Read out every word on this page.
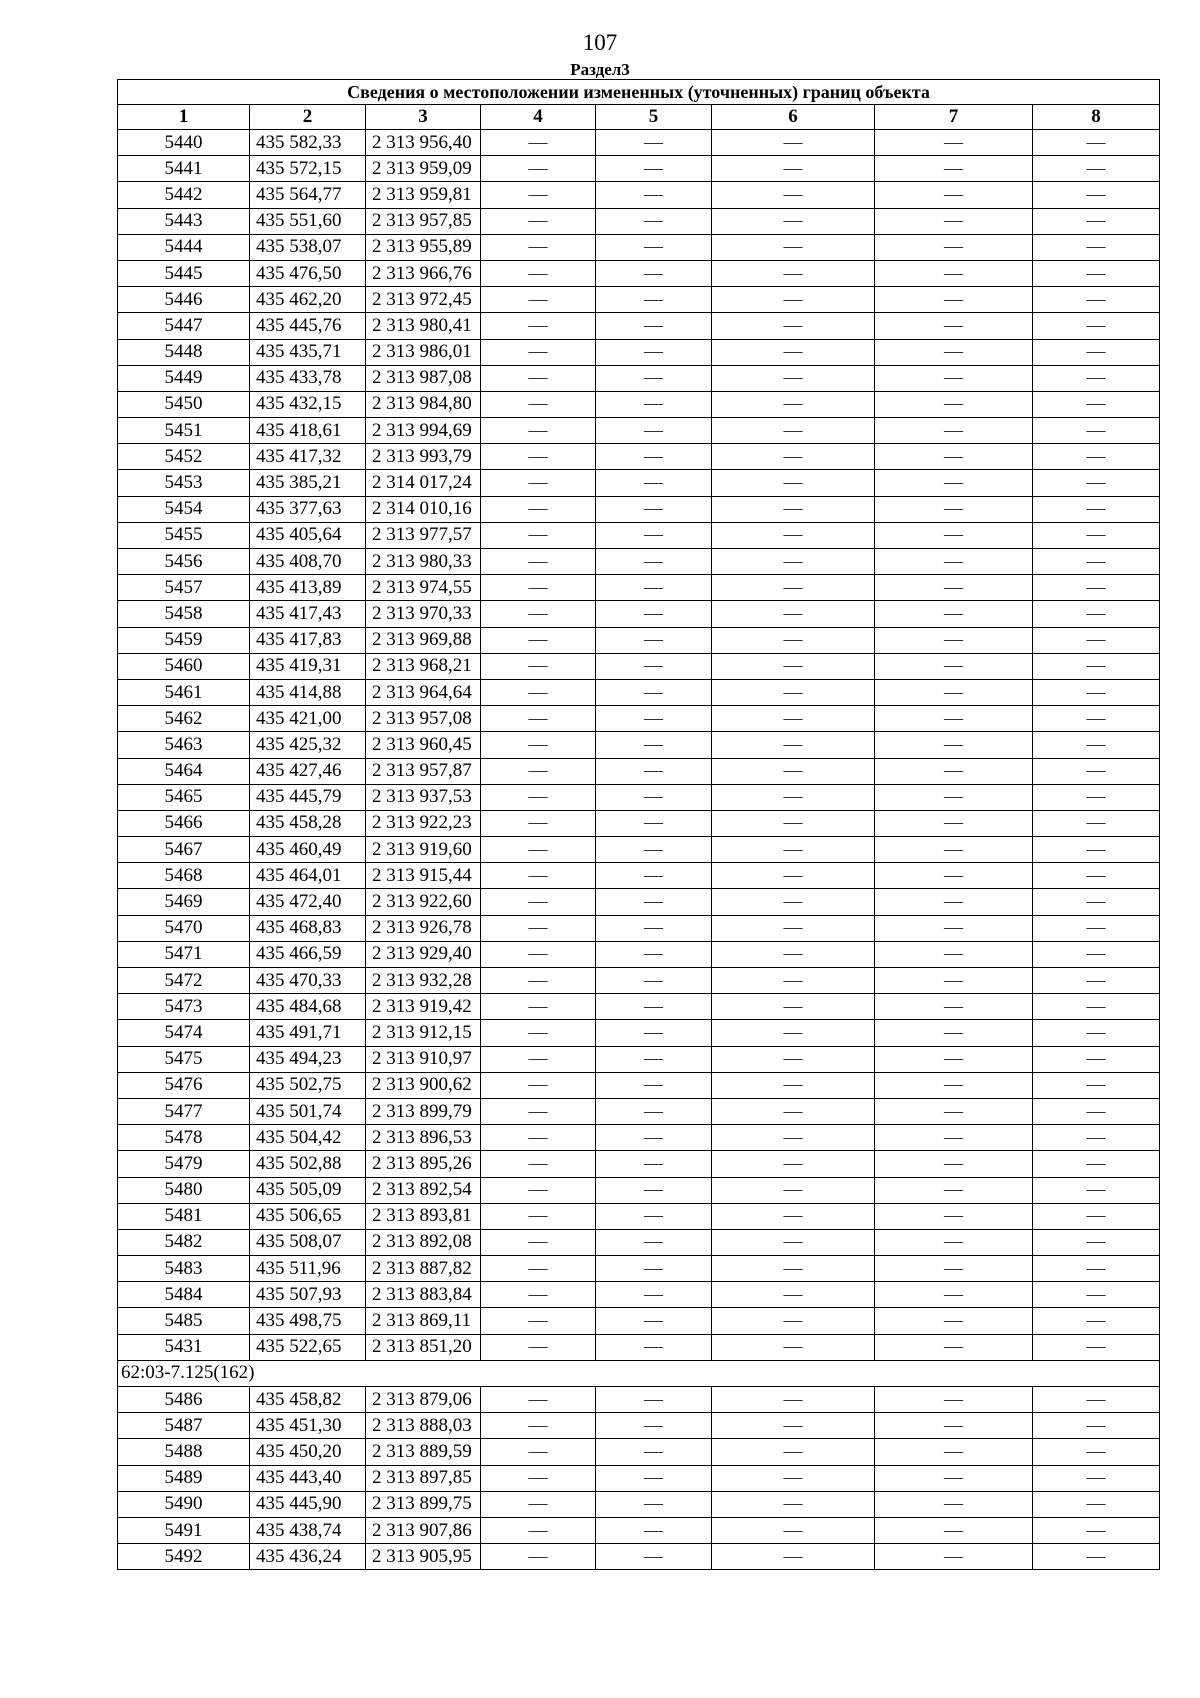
107
Раздел3
Сведения о местоположении измененных (уточненных) границ объекта							
1	2	3	4	5	6	7	8
5440	435 582,33	2 313 956,40	—	—	—	—	—
5441	435 572,15	2 313 959,09	—	—	—	—	—
5442	435 564,77	2 313 959,81	—	—	—	—	—
5443	435 551,60	2 313 957,85	—	—	—	—	—
5444	435 538,07	2 313 955,89	—	—	—	—	—
5445	435 476,50	2 313 966,76	—	—	—	—	—
5446	435 462,20	2 313 972,45	—	—	—	—	—
5447	435 445,76	2 313 980,41	—	—	—	—	—
5448	435 435,71	2 313 986,01	—	—	—	—	—
5449	435 433,78	2 313 987,08	—	—	—	—	—
5450	435 432,15	2 313 984,80	—	—	—	—	—
5451	435 418,61	2 313 994,69	—	—	—	—	—
5452	435 417,32	2 313 993,79	—	—	—	—	—
5453	435 385,21	2 314 017,24	—	—	—	—	—
5454	435 377,63	2 314 010,16	—	—	—	—	—
5455	435 405,64	2 313 977,57	—	—	—	—	—
5456	435 408,70	2 313 980,33	—	—	—	—	—
5457	435 413,89	2 313 974,55	—	—	—	—	—
5458	435 417,43	2 313 970,33	—	—	—	—	—
5459	435 417,83	2 313 969,88	—	—	—	—	—
5460	435 419,31	2 313 968,21	—	—	—	—	—
5461	435 414,88	2 313 964,64	—	—	—	—	—
5462	435 421,00	2 313 957,08	—	—	—	—	—
5463	435 425,32	2 313 960,45	—	—	—	—	—
5464	435 427,46	2 313 957,87	—	—	—	—	—
5465	435 445,79	2 313 937,53	—	—	—	—	—
5466	435 458,28	2 313 922,23	—	—	—	—	—
5467	435 460,49	2 313 919,60	—	—	—	—	—
5468	435 464,01	2 313 915,44	—	—	—	—	—
5469	435 472,40	2 313 922,60	—	—	—	—	—
5470	435 468,83	2 313 926,78	—	—	—	—	—
5471	435 466,59	2 313 929,40	—	—	—	—	—
5472	435 470,33	2 313 932,28	—	—	—	—	—
5473	435 484,68	2 313 919,42	—	—	—	—	—
5474	435 491,71	2 313 912,15	—	—	—	—	—
5475	435 494,23	2 313 910,97	—	—	—	—	—
5476	435 502,75	2 313 900,62	—	—	—	—	—
5477	435 501,74	2 313 899,79	—	—	—	—	—
5478	435 504,42	2 313 896,53	—	—	—	—	—
5479	435 502,88	2 313 895,26	—	—	—	—	—
5480	435 505,09	2 313 892,54	—	—	—	—	—
5481	435 506,65	2 313 893,81	—	—	—	—	—
5482	435 508,07	2 313 892,08	—	—	—	—	—
5483	435 511,96	2 313 887,82	—	—	—	—	—
5484	435 507,93	2 313 883,84	—	—	—	—	—
5485	435 498,75	2 313 869,11	—	—	—	—	—
5431	435 522,65	2 313 851,20	—	—	—	—	—
62:03-7.125(162)							
5486	435 458,82	2 313 879,06	—	—	—	—	—
5487	435 451,30	2 313 888,03	—	—	—	—	—
5488	435 450,20	2 313 889,59	—	—	—	—	—
5489	435 443,40	2 313 897,85	—	—	—	—	—
5490	435 445,90	2 313 899,75	—	—	—	—	—
5491	435 438,74	2 313 907,86	—	—	—	—	—
5492	435 436,24	2 313 905,95	—	—	—	—	—
